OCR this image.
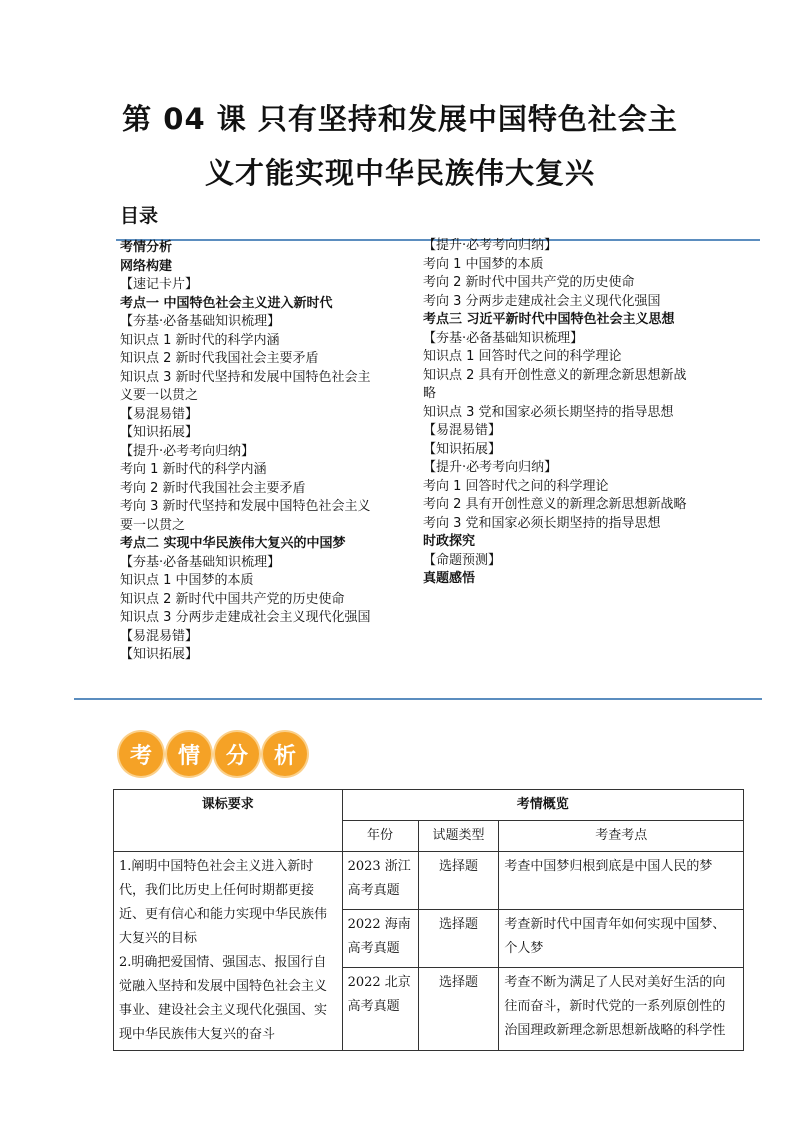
第 04 课 只有坚持和发展中国特色社会主
义才能实现中华民族伟大复兴
目录
考情分析
网络构建
【速记卡片】
考点一 中国特色社会主义进入新时代
【夯基·必备基础知识梳理】
知识点 1 新时代的科学内涵
知识点 2 新时代我国社会主要矛盾
知识点 3 新时代坚持和发展中国特色社会主义要一以贯之
【易混易错】
【知识拓展】
【提升·必考考向归纳】
考向 1 新时代的科学内涵
考向 2 新时代我国社会主要矛盾
考向 3 新时代坚持和发展中国特色社会主义要一以贯之
考点二 实现中华民族伟大复兴的中国梦
【夯基·必备基础知识梳理】
知识点 1 中国梦的本质
知识点 2 新时代中国共产党的历史使命
知识点 3 分两步走建成社会主义现代化强国
【易混易错】
【知识拓展】
【提升·必考考向归纳】
考向 1 中国梦的本质
考向 2 新时代中国共产党的历史使命
考向 3 分两步走建成社会主义现代化强国
考点三 习近平新时代中国特色社会主义思想
【夯基·必备基础知识梳理】
知识点 1 回答时代之问的科学理论
知识点 2 具有开创性意义的新理念新思想新战略
知识点 3 党和国家必须长期坚持的指导思想
【易混易错】
【知识拓展】
【提升·必考考向归纳】
考向 1 回答时代之问的科学理论
考向 2 具有开创性意义的新理念新思想新战略
考向 3 党和国家必须长期坚持的指导思想
时政探究
【命题预测】
真题感悟
考	情	分	析
课标要求	考情概览		
	年份	试题类型	考查考点
1.阐明中国特色社会主义进入新时代，我们比历史上任何时期都更接近、更有信心和能力实现中华民族伟大复兴的目标
2.明确把爱国情、强国志、报国行自觉融入坚持和发展中国特色社会主义事业、建设社会主义现代化强国、实现中华民族伟大复兴的奋斗	2023 浙江高考真题	选择题	考查中国梦归根到底是中国人民的梦
	2022 海南高考真题	选择题	考查新时代中国青年如何实现中国梦、个人梦
	2022 北京高考真题	选择题	考查不断为满足了人民对美好生活的向往而奋斗，新时代党的一系列原创性的治国理政新理念新思想新战略的科学性
